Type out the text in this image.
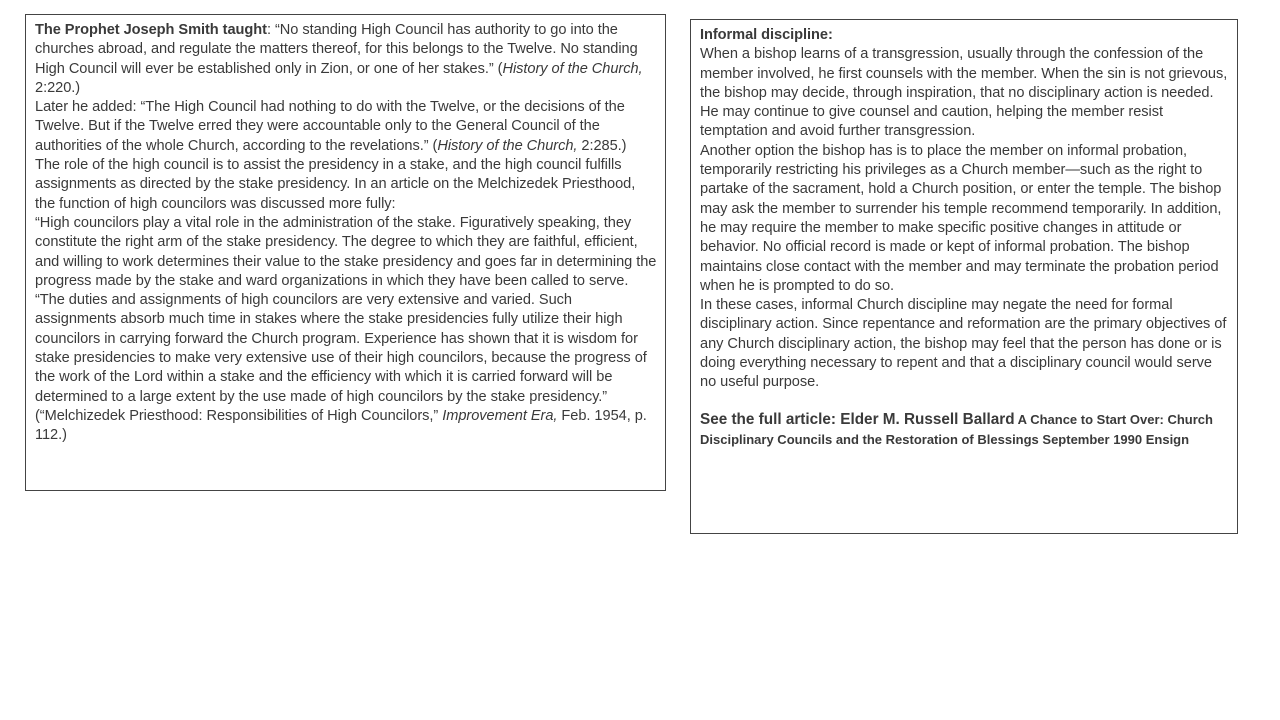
The Prophet Joseph Smith taught: “No standing High Council has authority to go into the churches abroad, and regulate the matters thereof, for this belongs to the Twelve. No standing High Council will ever be established only in Zion, or one of her stakes.” (History of the Church, 2:220.)

Later he added: “The High Council had nothing to do with the Twelve, or the decisions of the Twelve. But if the Twelve erred they were accountable only to the General Council of the authorities of the whole Church, according to the revelations.” (History of the Church, 2:285.)

The role of the high council is to assist the presidency in a stake, and the high council fulfills assignments as directed by the stake presidency. In an article on the Melchizedek Priesthood, the function of high councilors was discussed more fully:

“High councilors play a vital role in the administration of the stake. Figuratively speaking, they constitute the right arm of the stake presidency. The degree to which they are faithful, efficient, and willing to work determines their value to the stake presidency and goes far in determining the progress made by the stake and ward organizations in which they have been called to serve.

“The duties and assignments of high councilors are very extensive and varied. Such assignments absorb much time in stakes where the stake presidencies fully utilize their high councilors in carrying forward the Church program. Experience has shown that it is wisdom for stake presidencies to make very extensive use of their high councilors, because the progress of the work of the Lord within a stake and the efficiency with which it is carried forward will be determined to a large extent by the use made of high councilors by the stake presidency.” (“Melchizedek Priesthood: Responsibilities of High Councilors,” Improvement Era, Feb. 1954, p. 112.)

Informal discipline:

When a bishop learns of a transgression, usually through the confession of the member involved, he first counsels with the member. When the sin is not grievous, the bishop may decide, through inspiration, that no disciplinary action is needed. He may continue to give counsel and caution, helping the member resist temptation and avoid further transgression.

Another option the bishop has is to place the member on informal probation, temporarily restricting his privileges as a Church member—such as the right to partake of the sacrament, hold a Church position, or enter the temple. The bishop may ask the member to surrender his temple recommend temporarily. In addition, he may require the member to make specific positive changes in attitude or behavior. No official record is made or kept of informal probation. The bishop maintains close contact with the member and may terminate the probation period when he is prompted to do so.

In these cases, informal Church discipline may negate the need for formal disciplinary action. Since repentance and reformation are the primary objectives of any Church disciplinary action, the bishop may feel that the person has done or is doing everything necessary to repent and that a disciplinary council would serve no useful purpose.

See the full article: Elder M. Russell Ballard A Chance to Start Over: Church Disciplinary Councils and the Restoration of Blessings September 1990 Ensign
